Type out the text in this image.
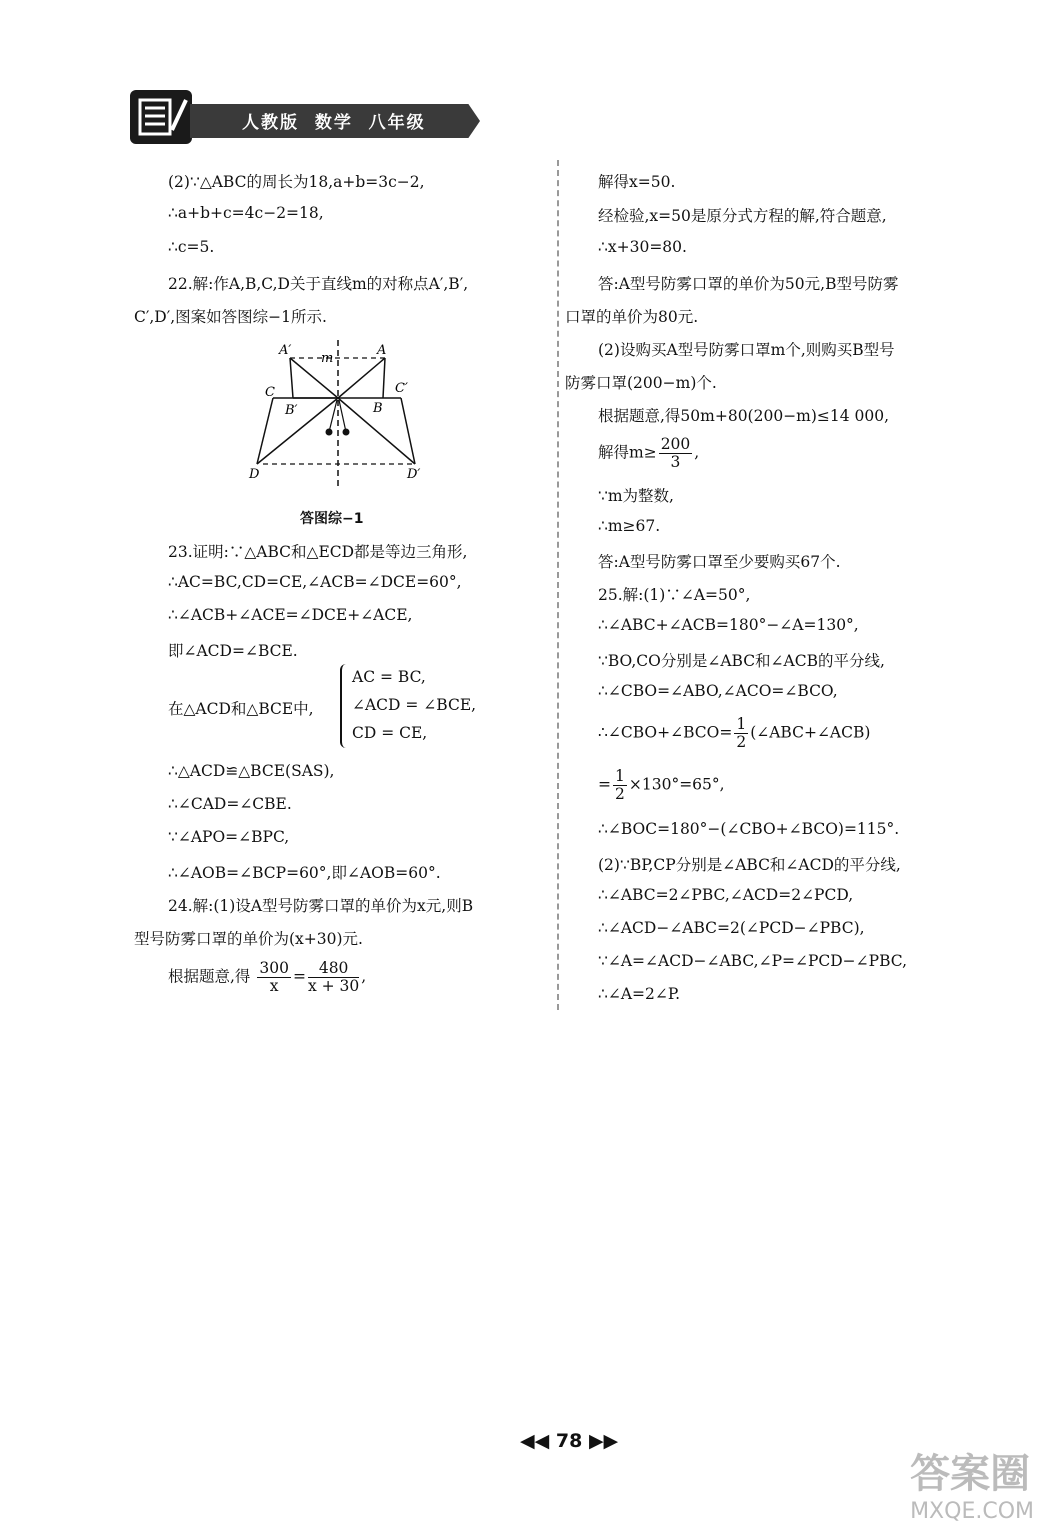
人教版  数学  八年级
(2)∵△ABC的周长为18,a+b=3c−2,
∴a+b+c=4c−2=18,
∴c=5.
22.解:作A,B,C,D关于直线m的对称点A′,B′,
C′,D′,图案如答图综−1所示.
A′
m
A
C
B′	B
C′
D	D′
答图综−1
23.证明:∵△ABC和△ECD都是等边三角形,
∴AC=BC,CD=CE,∠ACB=∠DCE=60°,
∴∠ACB+∠ACE=∠DCE+∠ACE,
即∠ACD=∠BCE.
在△ACD和△BCE中,
AC = BC,
∠ACD = ∠BCE,
CD = CE,
∴△ACD≌△BCE(SAS),
∴∠CAD=∠CBE.
∵∠APO=∠BPC,
∴∠AOB=∠BCP=60°,即∠AOB=60°.
24.解:(1)设A型号防雾口罩的单价为x元,则B
型号防雾口罩的单价为(x+30)元.
根据题意,得 $\frac{300}{x} = \frac{480}{x + 30}$ ,
解得x=50.
经检验,x=50是原分式方程的解,符合题意,
∴x+30=80.
答:A型号防雾口罩的单价为50元,B型号防雾
口罩的单价为80元.
(2)设购买A型号防雾口罩m个,则购买B型号
防雾口罩(200−m)个.
根据题意,得50m+80(200−m)≤14 000,
解得$m\ge \frac{200}{3}$ ,
∵m为整数,
∴m≥67.
答:A型号防雾口罩至少要购买67个.
25.解:(1)∵∠A=50°,
∴∠ABC+∠ACB=180°−∠A=130°,
∵BO,CO分别是∠ABC和∠ACB的平分线,
∴∠CBO=∠ABO,∠ACO=∠BCO,
∴∠CBO+∠BCO= $\frac{1}{2}$ (∠ABC+∠ACB)
= $\frac{1}{2} \times 130^\circ=65^\circ$,
∴∠BOC=180°−(∠CBO+∠BCO)=115°.
(2)∵BP,CP分别是∠ABC和∠ACD的平分线,
∴∠ABC=2∠PBC,∠ACD=2∠PCD,
∴∠ACD−∠ABC=2(∠PCD−∠PBC),
∵∠A=∠ACD−∠ABC,∠P=∠PCD−∠PBC,
∴∠A=2∠P.
◀◀ 78 ▶▶
答案圈
MXQE.COM
